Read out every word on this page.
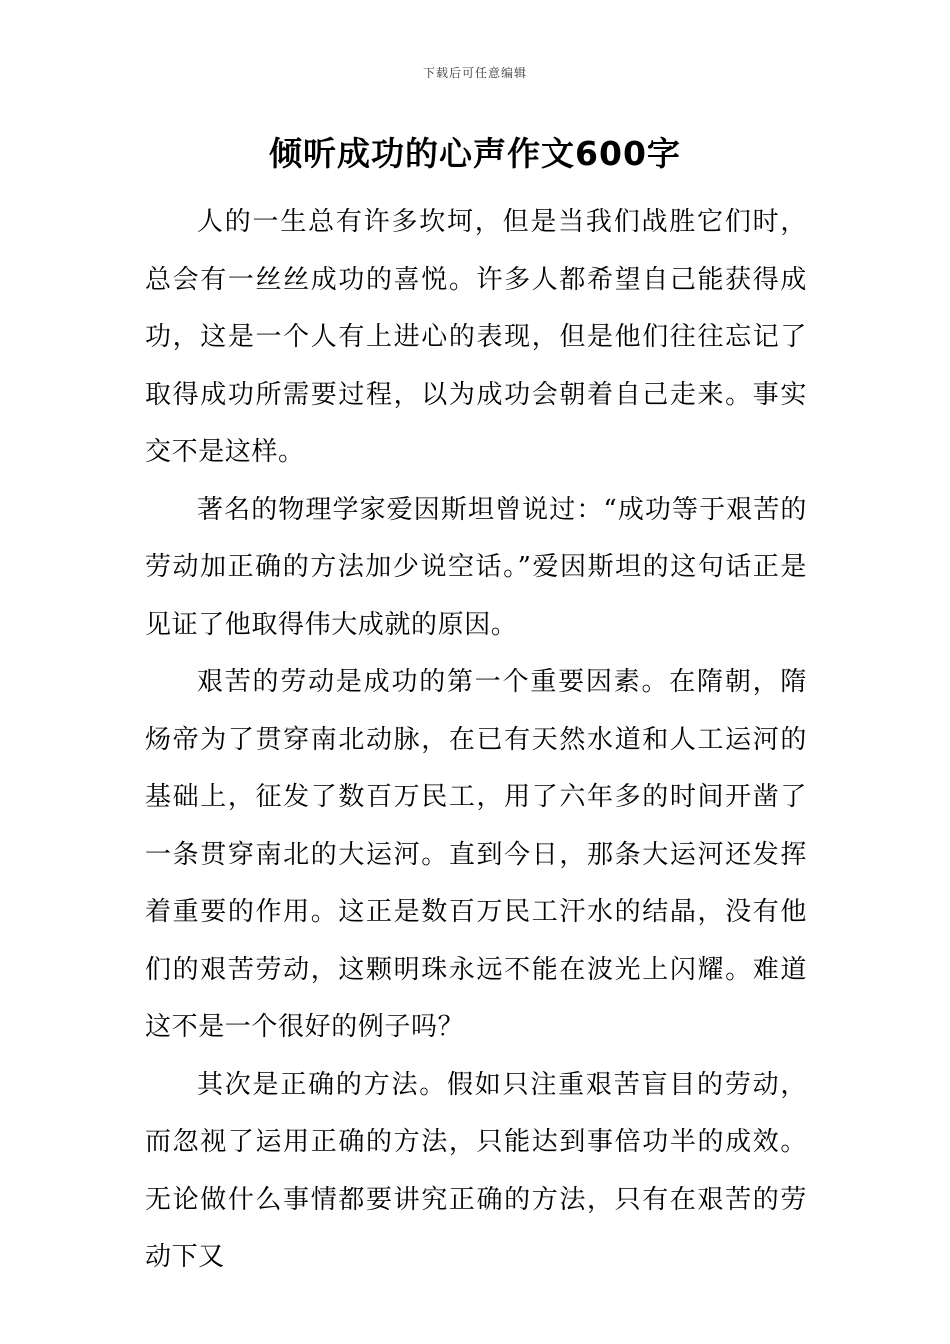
下载后可任意编辑
倾听成功的心声作文600字

人的一生总有许多坎坷，但是当我们战胜它们时，总会有一丝丝成功的喜悦。许多人都希望自己能获得成功，这是一个人有上进心的表现，但是他们往往忘记了取得成功所需要过程，以为成功会朝着自己走来。事实交不是这样。

著名的物理学家爱因斯坦曾说过：“成功等于艰苦的劳动加正确的方法加少说空话。”爱因斯坦的这句话正是见证了他取得伟大成就的原因。

艰苦的劳动是成功的第一个重要因素。在隋朝，隋炀帝为了贯穿南北动脉，在已有天然水道和人工运河的基础上，征发了数百万民工，用了六年多的时间开凿了一条贯穿南北的大运河。直到今日，那条大运河还发挥着重要的作用。这正是数百万民工汗水的结晶，没有他们的艰苦劳动，这颗明珠永远不能在波光上闪耀。难道这不是一个很好的例子吗？

其次是正确的方法。假如只注重艰苦盲目的劳动，而忽视了运用正确的方法，只能达到事倍功半的成效。无论做什么事情都要讲究正确的方法，只有在艰苦的劳动下又
